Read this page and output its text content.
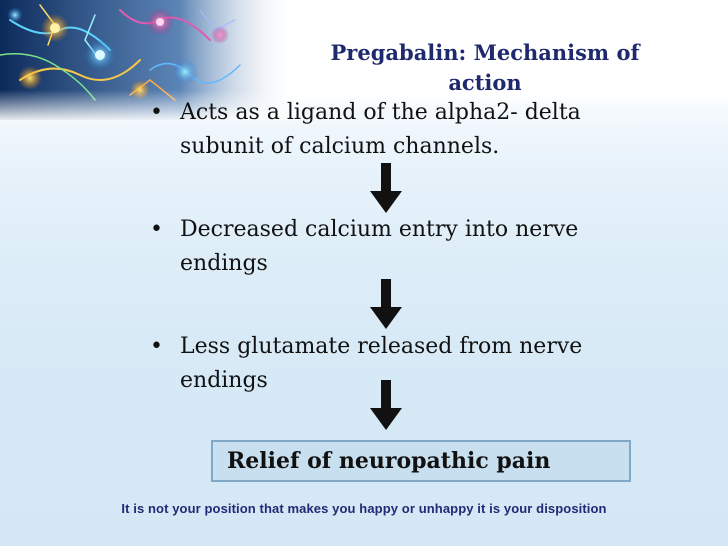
Pregabalin: Mechanism of action
• Acts as a ligand of the alpha2- delta
subunit of calcium channels.
• Decreased calcium entry into nerve
endings
• Less glutamate released from nerve
endings
Relief of neuropathic pain
It is not your position that makes you happy or unhappy it is your disposition
